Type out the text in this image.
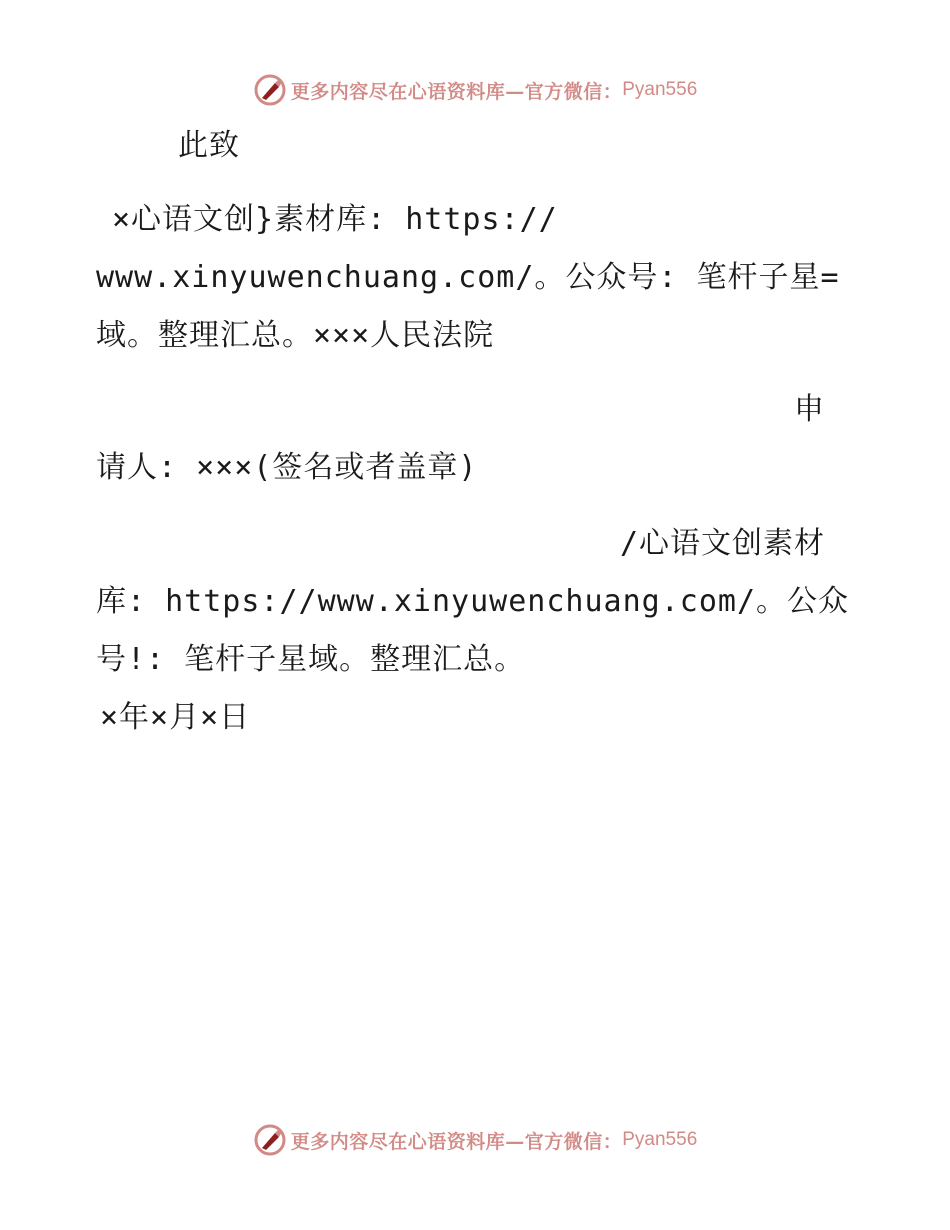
更多内容尽在心语资料库—官方微信： Pyan556
此致
×心语文创}素材库: https://
www.xinyuwenchuang.com/。公众号: 笔杆子星=
域。整理汇总。×××人民法院
申
请人: ×××(签名或者盖章)
/心语文创素材
库: https://www.xinyuwenchuang.com/。公众
号!: 笔杆子星域。整理汇总。
×年×月×日
更多内容尽在心语资料库—官方微信： Pyan556
